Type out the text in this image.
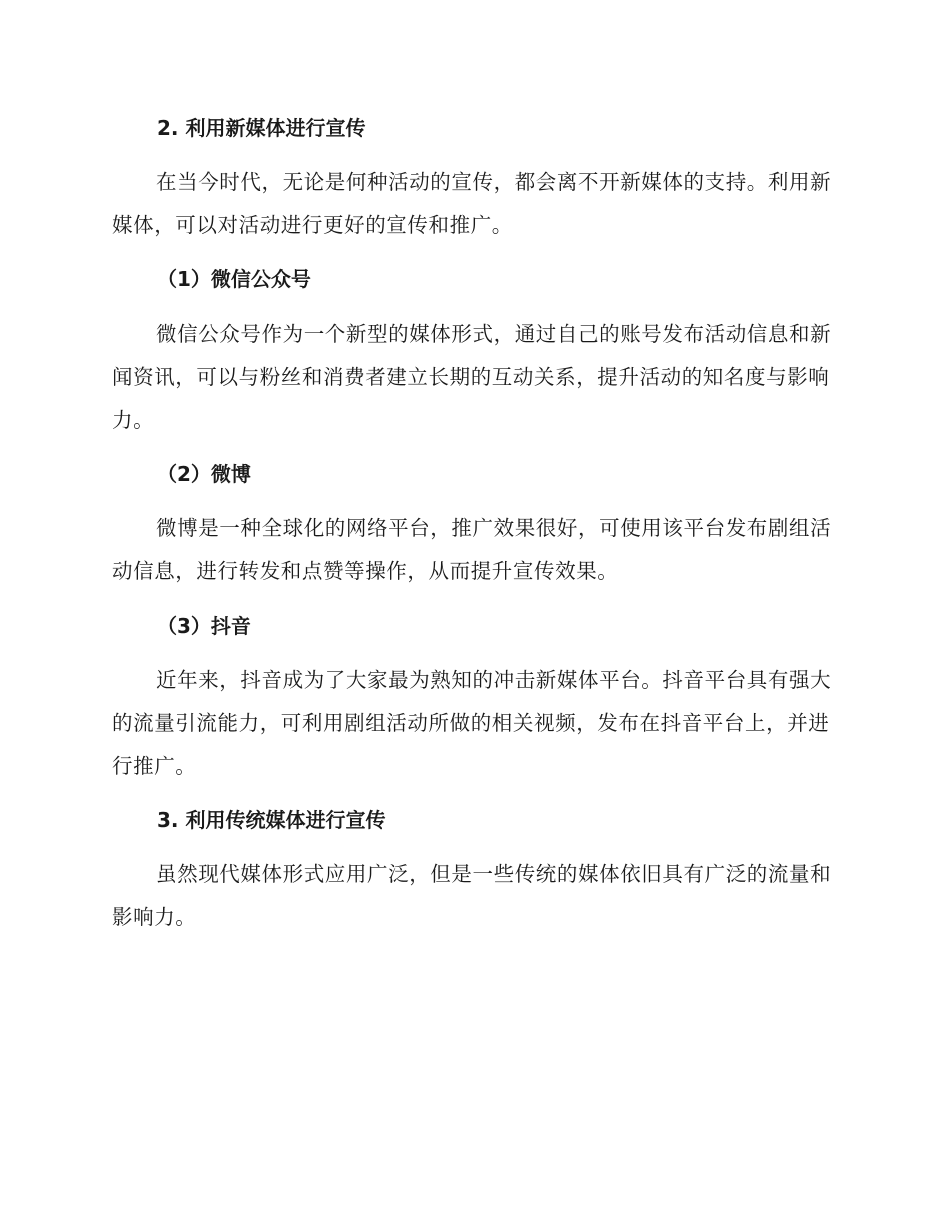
2. 利用新媒体进行宣传
在当今时代，无论是何种活动的宣传，都会离不开新媒体的支持。利用新媒体，可以对活动进行更好的宣传和推广。
（1）微信公众号
微信公众号作为一个新型的媒体形式，通过自己的账号发布活动信息和新闻资讯，可以与粉丝和消费者建立长期的互动关系，提升活动的知名度与影响力。
（2）微博
微博是一种全球化的网络平台，推广效果很好，可使用该平台发布剧组活动信息，进行转发和点赞等操作，从而提升宣传效果。
（3）抖音
近年来，抖音成为了大家最为熟知的冲击新媒体平台。抖音平台具有强大的流量引流能力，可利用剧组活动所做的相关视频，发布在抖音平台上，并进行推广。
3. 利用传统媒体进行宣传
虽然现代媒体形式应用广泛，但是一些传统的媒体依旧具有广泛的流量和影响力。
